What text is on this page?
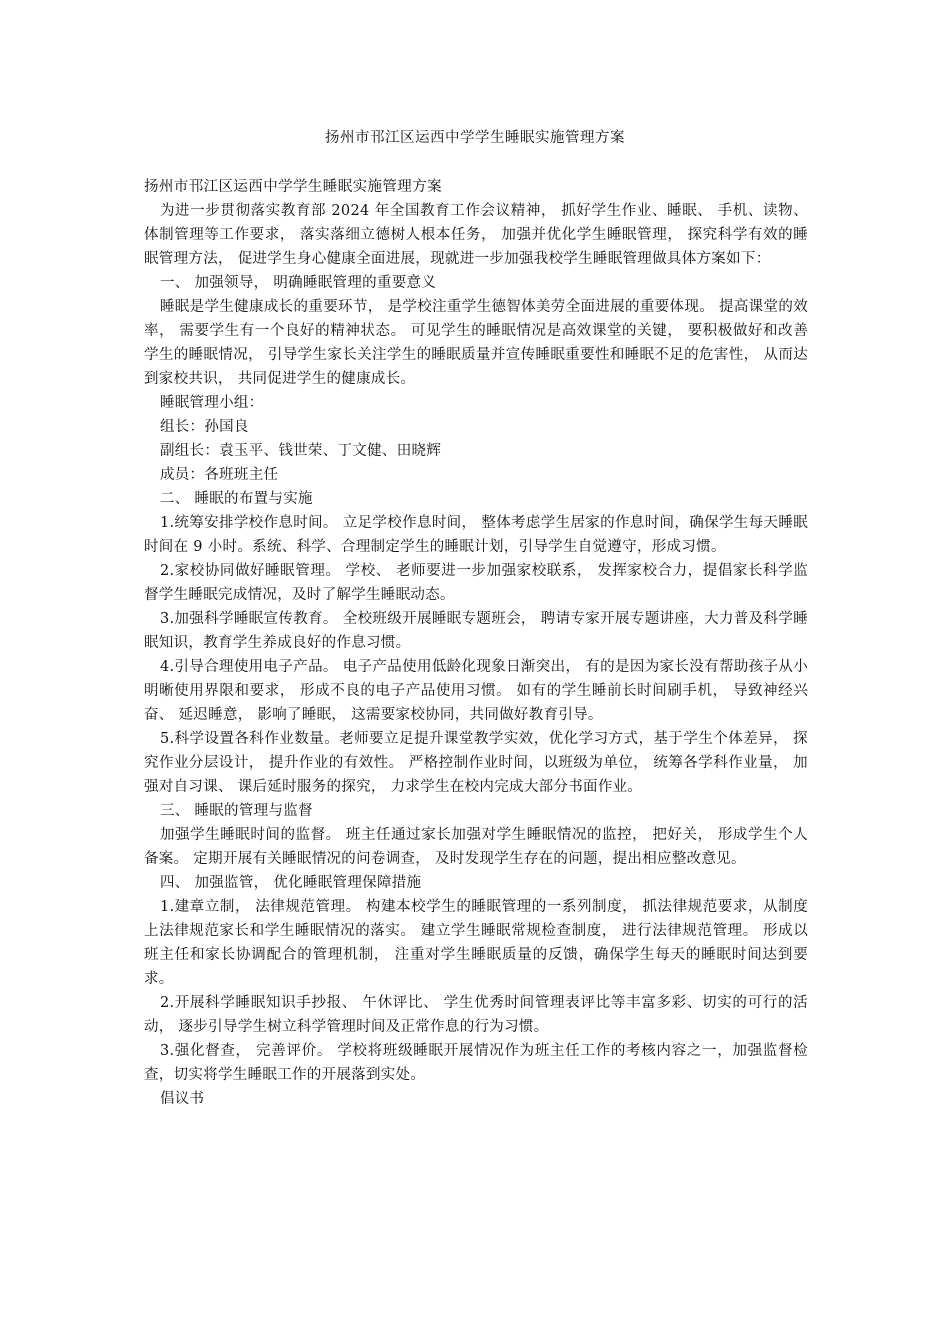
扬州市邗江区运西中学学生睡眠实施管理方案

扬州市邗江区运西中学学生睡眠实施管理方案

为进一步贯彻落实教育部 2024 年全国教育工作会议精神， 抓好学生作业、睡眠、 手机、读物、 体制管理等工作要求， 落实落细立德树人根本任务， 加强并优化学生睡眠管理， 探究科学有效的睡眠管理方法， 促进学生身心健康全面进展，现就进一步加强我校学生睡眠管理做具体方案如下：

一、 加强领导， 明确睡眠管理的重要意义

睡眠是学生健康成长的重要环节， 是学校注重学生德智体美劳全面进展的重要体现。 提高课堂的效率， 需要学生有一个良好的精神状态。 可见学生的睡眠情况是高效课堂的关键， 要积极做好和改善学生的睡眠情况， 引导学生家长关注学生的睡眠质量并宣传睡眠重要性和睡眠不足的危害性， 从而达到家校共识， 共同促进学生的健康成长。

睡眠管理小组：

组长：孙国良

副组长：袁玉平、钱世荣、丁文健、田晓辉

成员：各班班主任

二、 睡眠的布置与实施

1.统筹安排学校作息时间。 立足学校作息时间， 整体考虑学生居家的作息时间，确保学生每天睡眠时间在 9 小时。系统、科学、合理制定学生的睡眠计划，引导学生自觉遵守，形成习惯。

2.家校协同做好睡眠管理。 学校、 老师要进一步加强家校联系， 发挥家校合力，提倡家长科学监督学生睡眠完成情况，及时了解学生睡眠动态。

3.加强科学睡眠宣传教育。 全校班级开展睡眠专题班会， 聘请专家开展专题讲座，大力普及科学睡眠知识，教育学生养成良好的作息习惯。

4.引导合理使用电子产品。 电子产品使用低龄化现象日渐突出， 有的是因为家长没有帮助孩子从小明晰使用界限和要求， 形成不良的电子产品使用习惯。 如有的学生睡前长时间刷手机， 导致神经兴奋、 延迟睡意， 影响了睡眠， 这需要家校协同，共同做好教育引导。

5.科学设置各科作业数量。老师要立足提升课堂教学实效，优化学习方式，基于学生个体差异， 探究作业分层设计， 提升作业的有效性。 严格控制作业时间，以班级为单位， 统筹各学科作业量， 加强对自习课、 课后延时服务的探究， 力求学生在校内完成大部分书面作业。

三、 睡眠的管理与监督

加强学生睡眠时间的监督。 班主任通过家长加强对学生睡眠情况的监控， 把好关， 形成学生个人备案。 定期开展有关睡眠情况的问卷调查， 及时发现学生存在的问题，提出相应整改意见。

四、 加强监管， 优化睡眠管理保障措施

1.建章立制， 法律规范管理。 构建本校学生的睡眠管理的一系列制度， 抓法律规范要求，从制度上法律规范家长和学生睡眠情况的落实。 建立学生睡眠常规检查制度， 进行法律规范管理。 形成以班主任和家长协调配合的管理机制， 注重对学生睡眠质量的反馈，确保学生每天的睡眠时间达到要求。

2.开展科学睡眠知识手抄报、 午休评比、 学生优秀时间管理表评比等丰富多彩、切实的可行的活动， 逐步引导学生树立科学管理时间及正常作息的行为习惯。

3.强化督查， 完善评价。 学校将班级睡眠开展情况作为班主任工作的考核内容之一，加强监督检查，切实将学生睡眠工作的开展落到实处。

倡议书
